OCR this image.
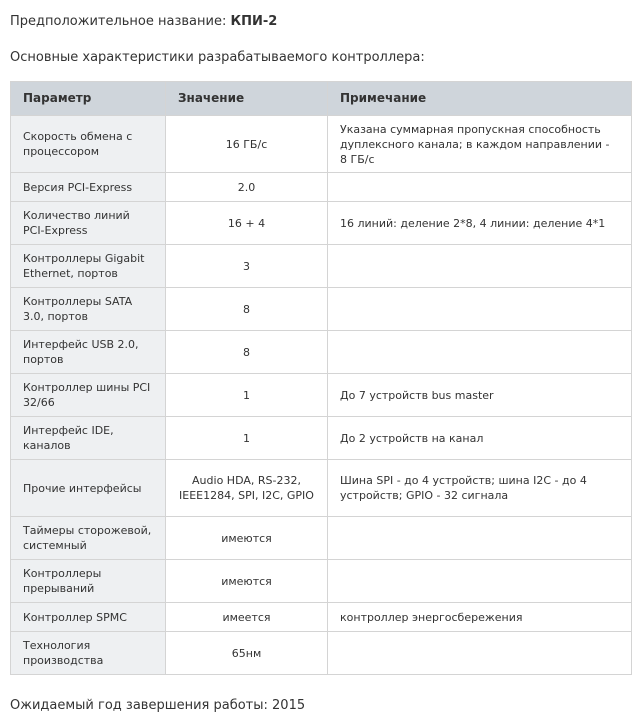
Предположительное название: КПИ-2
Основные характеристики разрабатываемого контроллера:
Параметр	Значение	Примечание
Скорость обмена с процессором	16 ГБ/с	Указана суммарная пропускная способность дуплексного канала; в каждом направлении - 8 ГБ/с
Версия PCI-Express	2.0	
Количество линий PCI-Express	16 + 4	16 линий: деление 2*8, 4 линии: деление 4*1
Контроллеры Gigabit Ethernet, портов	3	
Контроллеры SATA 3.0, портов	8	
Интерфейс USB 2.0, портов	8	
Контроллер шины PCI 32/66	1	До 7 устройств bus master
Интерфейс IDE, каналов	1	До 2 устройств на канал
Прочие интерфейсы	Audio HDA, RS-232, IEEE1284, SPI, I2C, GPIO	Шина SPI - до 4 устройств; шина I2C - до 4 устройств; GPIO - 32 сигнала
Таймеры сторожевой, системный	имеются	
Контроллеры прерываний	имеются	
Контроллер SPMC	имеется	контроллер энергосбережения
Технология производства	65нм	
Ожидаемый год завершения работы: 2015
